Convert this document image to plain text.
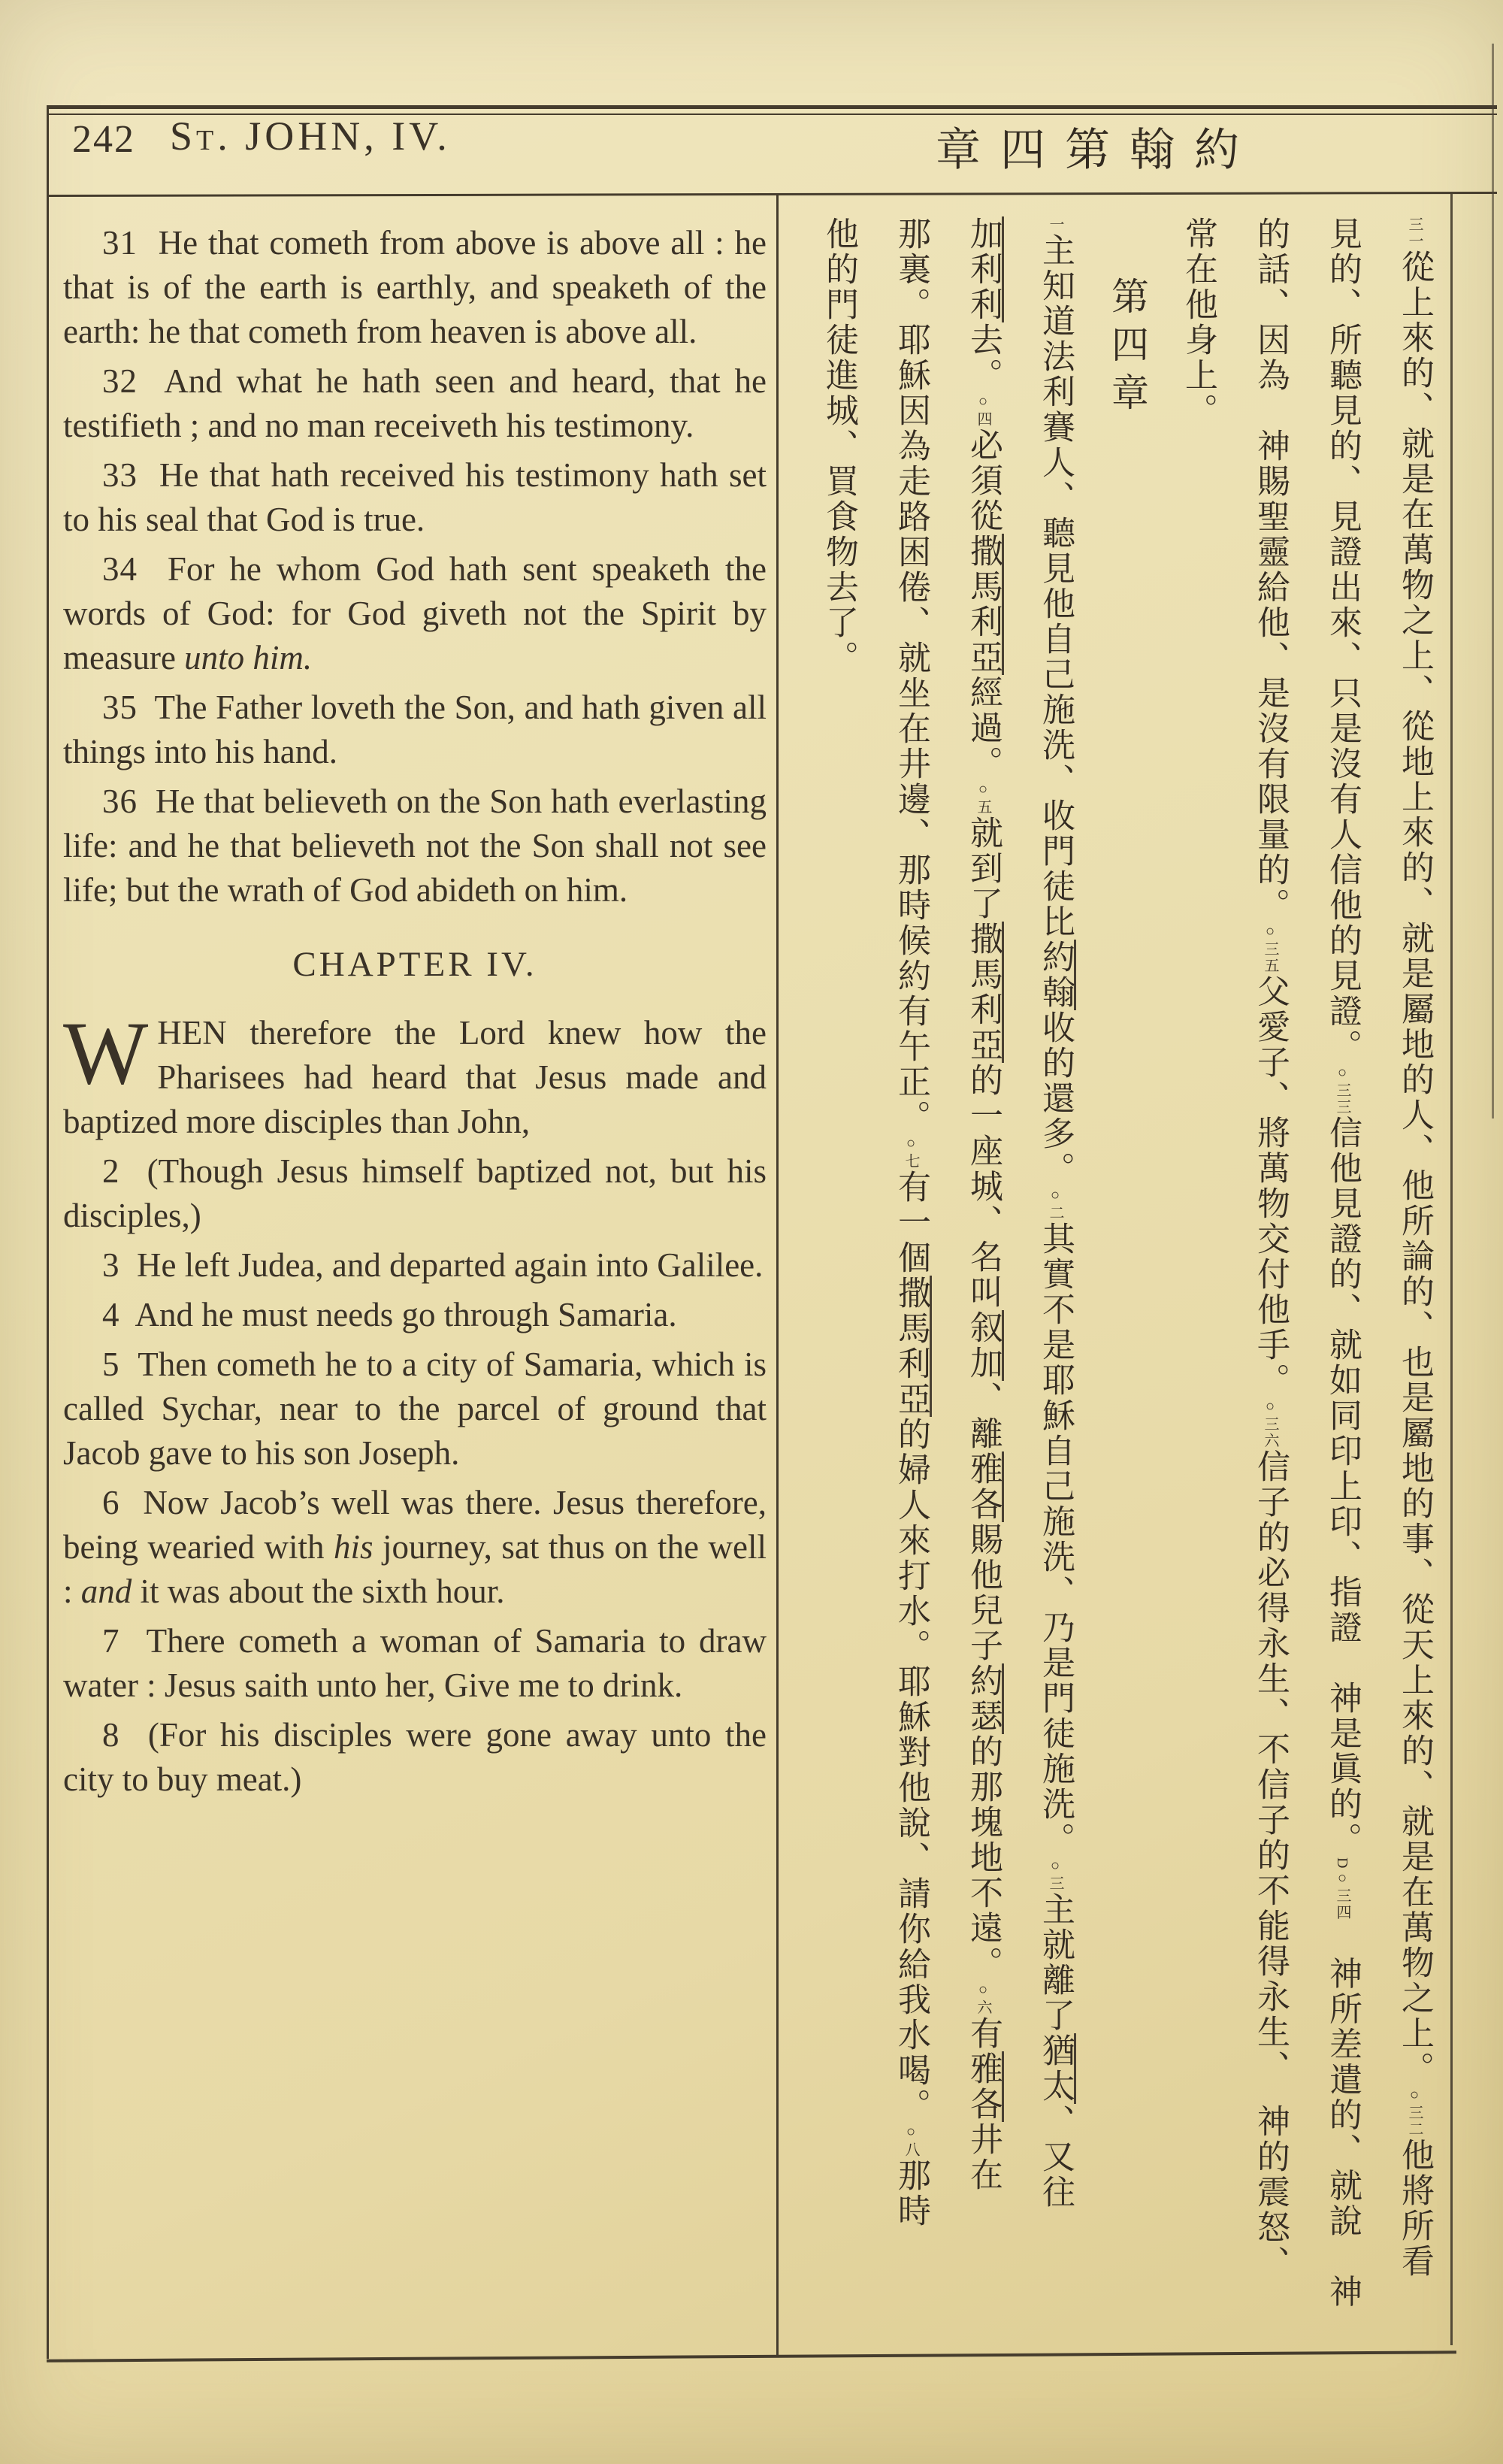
242 St. JOHN, IV.	章四第翰約

31  He that cometh from above is above all : he that is of the earth is earthly, and speaketh of the earth: he that cometh from heaven is above all.

32  And what he hath seen and heard, that he testifieth ; and no man receiveth his testimony.

33  He that hath received his testimony hath set to his seal that God is true.

34  For he whom God hath sent speaketh the words of God: for God giveth not the Spirit by measure unto him.

35  The Father loveth the Son, and hath given all things into his hand.

36  He that believeth on the Son hath everlasting life: and he that believeth not the Son shall not see life; but the wrath of God abideth on him.

CHAPTER IV.

WHEN therefore the Lord knew how the Pharisees had heard that Jesus made and baptized more disciples than John,

2  (Though Jesus himself baptized not, but his disciples,)

3  He left Judea, and departed again into Galilee.

4  And he must needs go through Samaria.

5  Then cometh he to a city of Samaria, which is called Sychar, near to the parcel of ground that Jacob gave to his son Joseph.

6  Now Jacob’s well was there. Jesus therefore, being wearied with his journey, sat thus on the well : and it was about the sixth hour.

7  There cometh a woman of Samaria to draw water : Jesus saith unto her, Give me to drink.

8  (For his disciples were gone away unto the city to buy meat.)

三一從上來的、就是在萬物之上、從地上來的、就是屬地的人、他所論的、也是屬地的事、從天上來的、就是在萬物之上。○三二他將所看
見的、所聽見的、見證出來、只是沒有人信他的見證。○三三信他見證的、就如同印上印、指證　神是眞的。D○三四　神所差遣的、就說　神
的話、因為　神賜聖靈給他、是沒有限量的。○三五父愛子、將萬物交付他手。○三六信子的必得永生、不信子的不能得永生、　神的震怒、
常在他身上。
第四章
一主知道法利賽人、聽見他自己施洗、收門徒比約翰收的還多。○二其實不是耶穌自己施洗、乃是門徒施洗。○三主就離了猶太、又往
加利利去。○四必須從撒馬利亞經過。○五就到了撒馬利亞的一座城、名叫叙加、離雅各賜他兒子約瑟的那塊地不遠。○六有雅各井在
那裏。耶穌因為走路困倦、就坐在井邊、那時候約有午正。○七有一個撒馬利亞的婦人來打水。耶穌對他說、請你給我水喝。○八那時
他的門徒進城、買食物去了。
